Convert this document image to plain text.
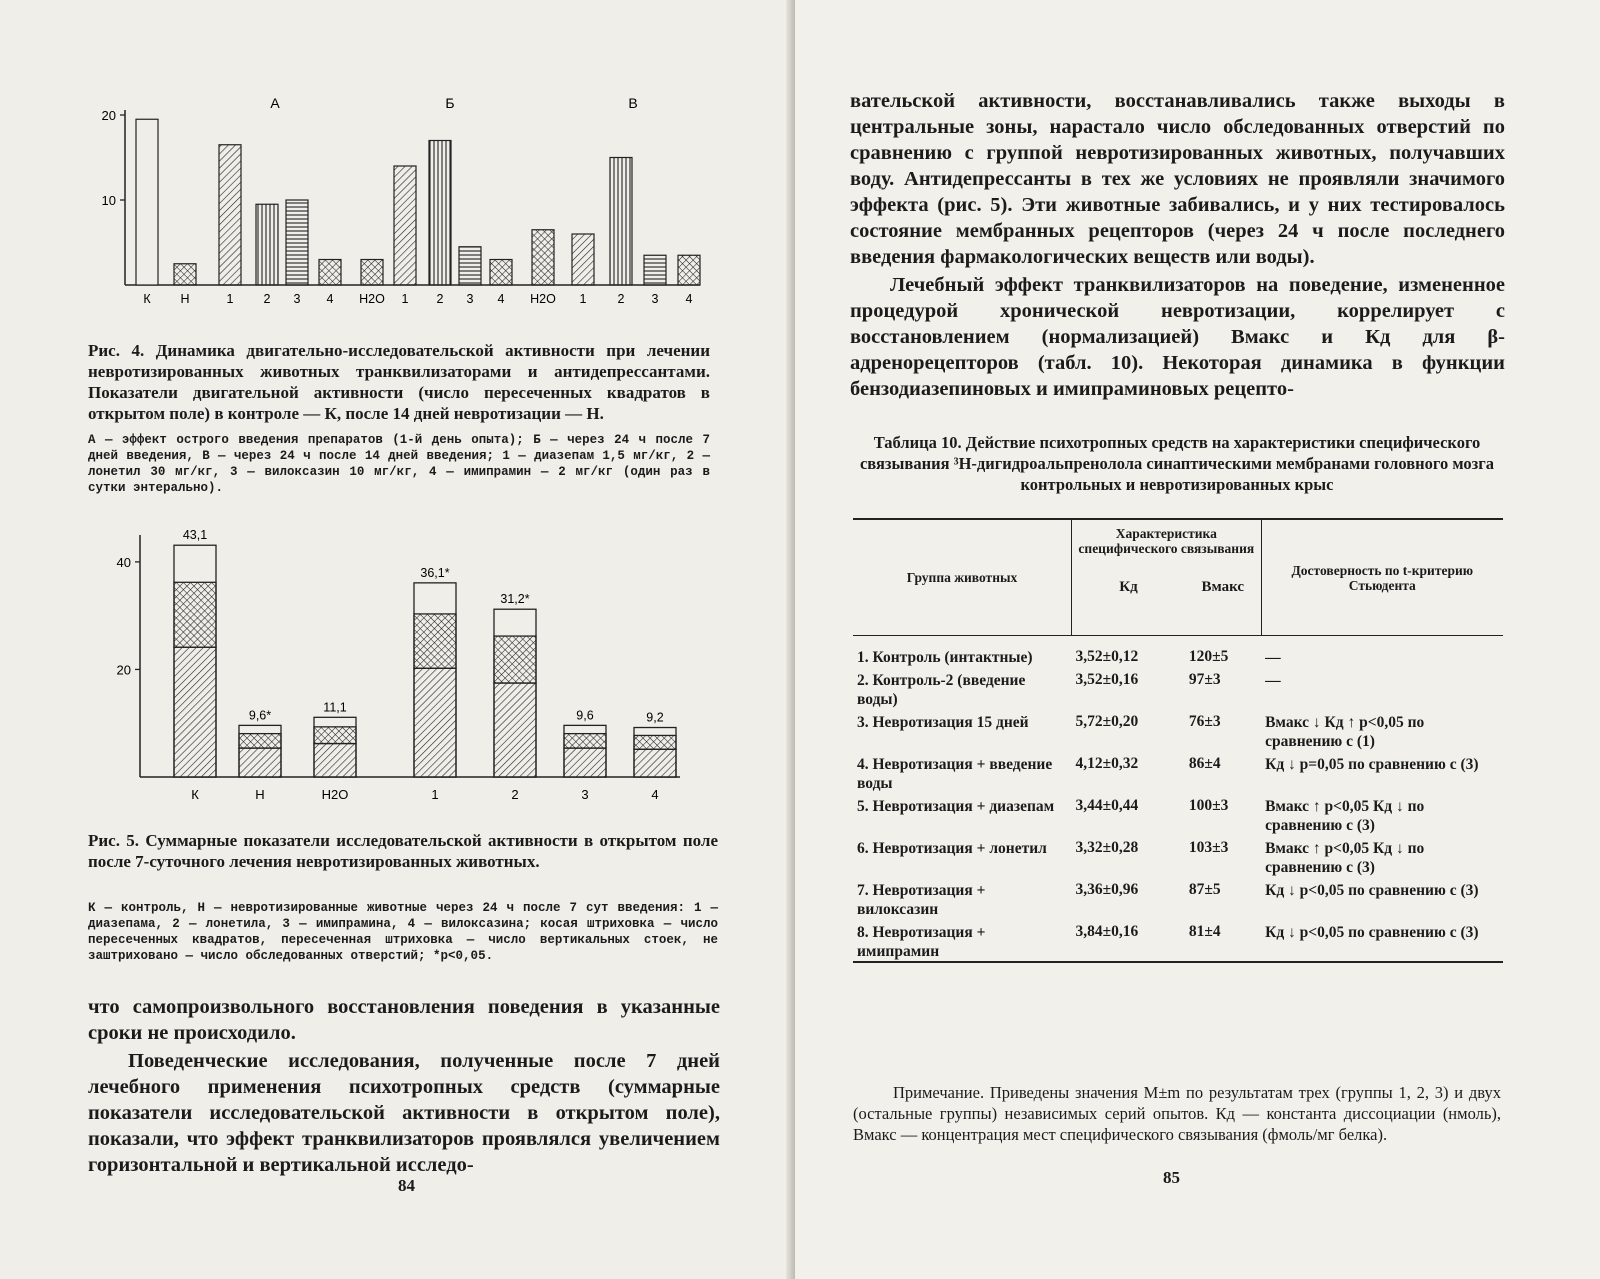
20
10
К Н	1 2 3 4 H2O 1 2 3 4 H2O 1 2 3 4
А	Б	В
Рис. 4. Динамика двигательно-исследовательской активности при лечении невротизированных животных транквилизаторами и антидепрессантами. Показатели двигательной активности (число пересеченных квадратов в открытом поле) в контроле — К, после 14 дней невротизации — Н.
А — эффект острого введения препаратов (1-й день опыта); Б — через 24 ч после 7 дней введения, В — через 24 ч после 14 дней введения; 1 — диазепам 1,5 мг/кг, 2 — лонетил 30 мг/кг, 3 — вилоксазин 10 мг/кг, 4 — имипрамин — 2 мг/кг (один раз в сутки энтерально).
40
20
43,1
К
9,6*
Н
11,1
H2O
36,1*
1
31,2*
2
9,6
3
9,2
4
Рис. 5. Суммарные показатели исследовательской активности в открытом поле после 7-суточного лечения невротизированных животных.
К — контроль, Н — невротизированные животные через 24 ч после 7 сут введения: 1 — диазепама, 2 — лонетила, 3 — имипрамина, 4 — вилоксазина; косая штриховка — число пересеченных квадратов, пересеченная штриховка — число вертикальных стоек, не заштриховано — число обследованных отверстий; *p<0,05.
что самопроизвольного восстановления поведения в указанные сроки не происходило.
Поведенческие исследования, полученные после 7 дней лечебного применения психотропных средств (суммарные показатели исследовательской активности в открытом поле), показали, что эффект транквилизаторов проявлялся увеличением горизонтальной и вертикальной исследо-
84
вательской активности, восстанавливались также выходы в центральные зоны, нарастало число обследованных отверстий по сравнению с группой невротизированных животных, получавших воду. Антидепрессанты в тех же условиях не проявляли значимого эффекта (рис. 5). Эти животные забивались, и у них тестировалось состояние мембранных рецепторов (через 24 ч после последнего введения фармакологических веществ или воды).
Лечебный эффект транквилизаторов на поведение, измененное процедурой хронической невротизации, коррелирует с восстановлением (нормализацией) Bмакс и Кд для β-адренорецепторов (табл. 10). Некоторая динамика в функции бензодиазепиновых и имипраминовых рецепто-
Таблица 10. Действие психотропных средств на характеристики специфического связывания ³Н-дигидроальпренолола синаптическими мембранами головного мозга контрольных и невротизированных крыс
Группа животных	Характеристика специфического связывания		Достоверность по t-критерию Стьюдента
	Кд	Вмакс	
1. Контроль (интактные)	3,52±0,12	120±5	—
2. Контроль-2 (введение воды)	3,52±0,16	97±3	—
3. Невротизация 15 дней	5,72±0,20	76±3	Вмакс ↓ Кд ↑ p<0,05 по сравнению с (1)
4. Невротизация + введение воды	4,12±0,32	86±4	Кд ↓ p=0,05 по сравнению с (3)
5. Невротизация + диазепам	3,44±0,44	100±3	Вмакс ↑ p<0,05 Кд ↓ по сравнению с (3)
6. Невротизация + лонетил	3,32±0,28	103±3	Вмакс ↑ p<0,05 Кд ↓ по сравнению с (3)
7. Невротизация + вилоксазин	3,36±0,96	87±5	Кд ↓ p<0,05 по сравнению с (3)
8. Невротизация + имипрамин	3,84±0,16	81±4	Кд ↓ p<0,05 по сравнению с (3)
Примечание. Приведены значения M±m по результатам трех (группы 1, 2, 3) и двух (остальные группы) независимых серий опытов. Кд — константа диссоциации (нмоль), Вмакс — концентрация мест специфического связывания (фмоль/мг белка).
85
